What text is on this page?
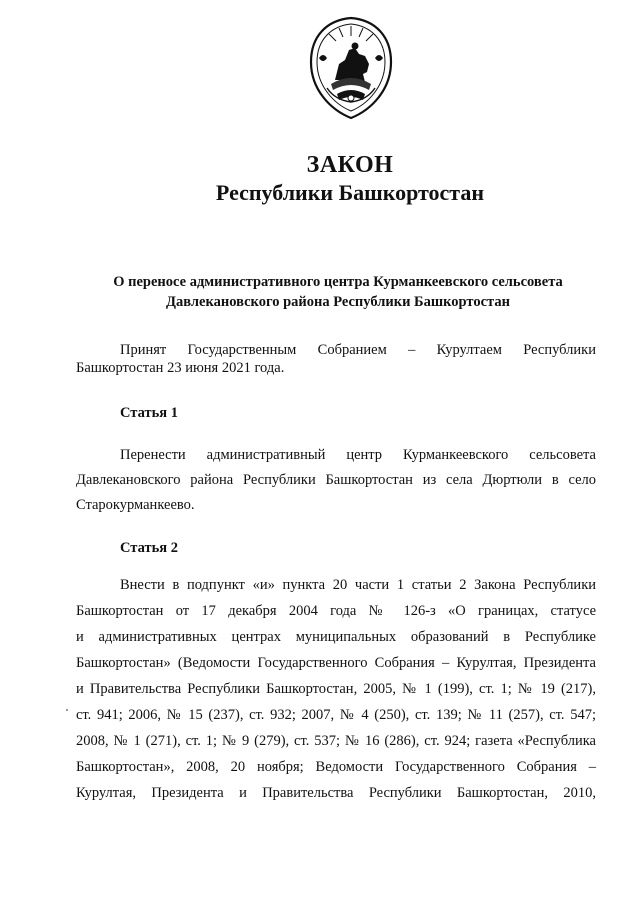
ЗАКОН
Республики Башкортостан
О переносе административного центра Курманкеевского сельсовета
Давлекановского района Республики Башкортостан
Принят Государственным Собранием – Курултаем Республики
Башкортостан 23 июня 2021 года.
Статья 1
Перенести административный центр Курманкеевского сельсовета
Давлекановского района Республики Башкортостан из села Дюртюли в село
Старокурманкеево.
Статья 2
Внести в подпункт «и» пункта 20 части 1 статьи 2 Закона Республики
Башкортостан от 17 декабря 2004 года № 126-з «О границах, статусе
и административных центрах муниципальных образований в Республике
Башкортостан» (Ведомости Государственного Собрания – Курултая, Президента
и Правительства Республики Башкортостан, 2005, № 1 (199), ст. 1; № 19 (217),
ст. 941; 2006, № 15 (237), ст. 932; 2007, № 4 (250), ст. 139; № 11 (257), ст. 547;
2008, № 1 (271), ст. 1; № 9 (279), ст. 537; № 16 (286), ст. 924; газета «Республика
Башкортостан», 2008, 20 ноября; Ведомости Государственного Собрания –
Курултая, Президента и Правительства Республики Башкортостан, 2010,
